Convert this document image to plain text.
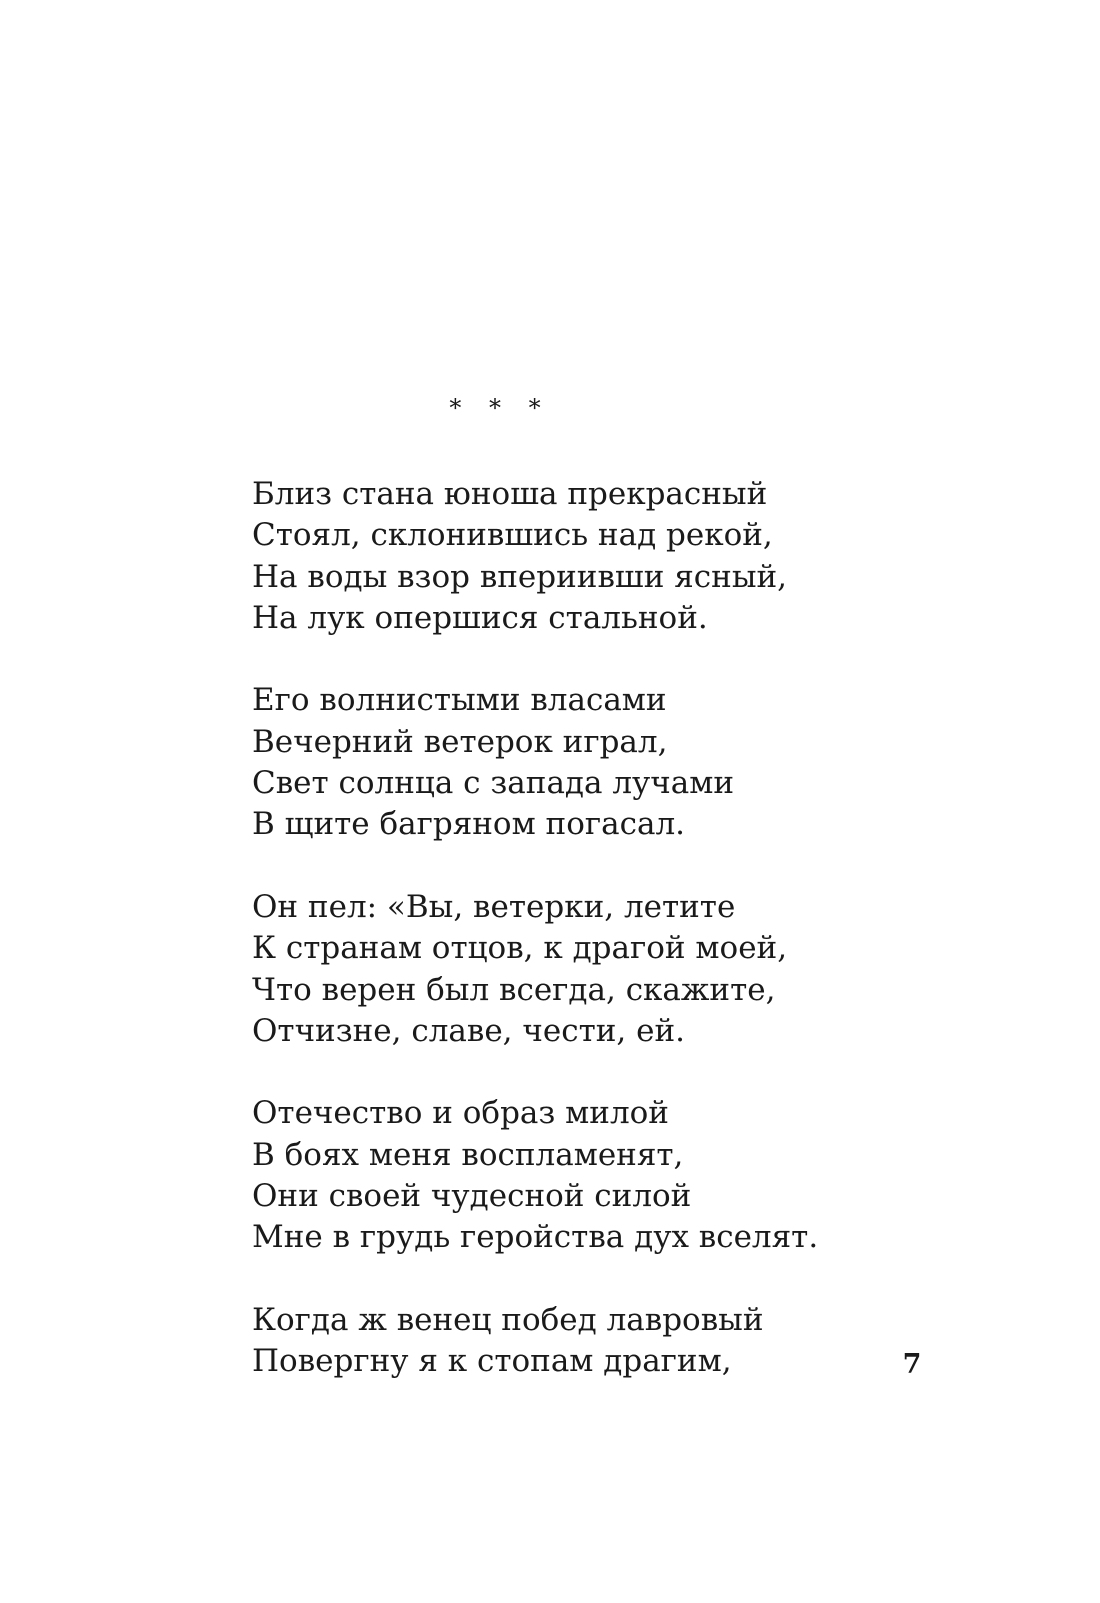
* * *
Близ стана юноша прекрасный
Стоял, склонившись над рекой,
На воды взор впериивши ясный,
На лук опершися стальной.
Его волнистыми власами
Вечерний ветерок играл,
Свет солнца с запада лучами
В щите багряном погасал.
Он пел: «Вы, ветерки, летите
К странам отцов, к драгой моей,
Что верен был всегда, скажите,
Отчизне, славе, чести, ей.
Отечество и образ милой
В боях меня воспламенят,
Они своей чудесной силой
Мне в грудь геройства дух вселят.
Когда ж венец побед лавровый
Повергну я к стопам драгим,	7
